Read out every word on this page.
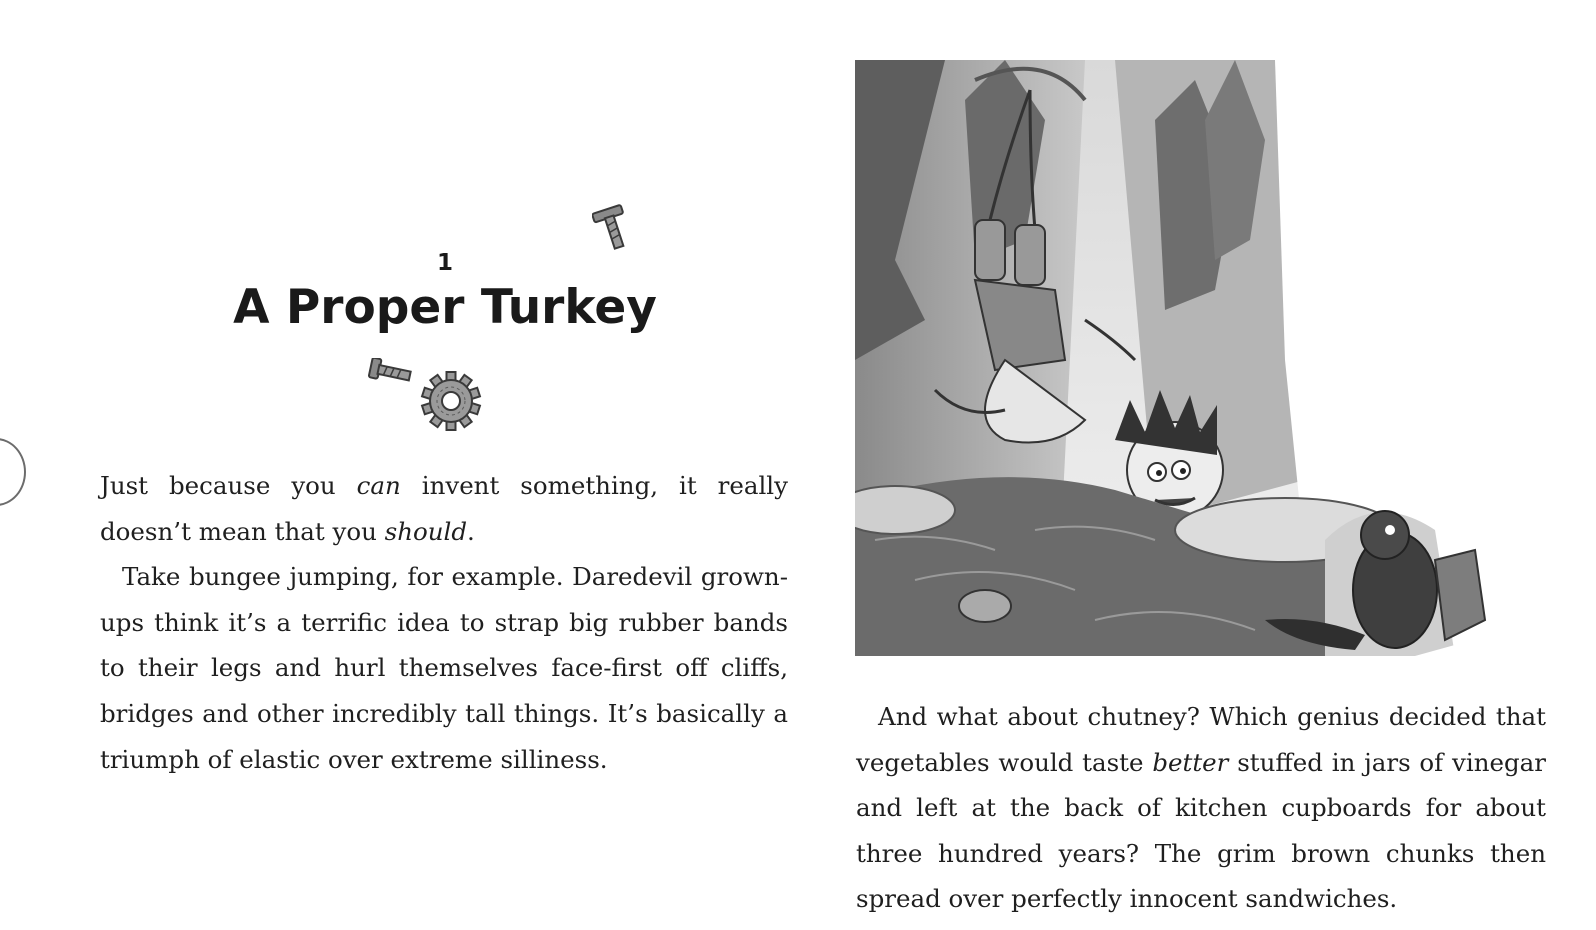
1
A Proper Turkey

Just because you can invent something, it really doesn’t mean that you should.

Take bungee jumping, for example. Daredevil grown-ups think it’s a terrific idea to strap big rubber bands to their legs and hurl themselves face-first off cliffs, bridges and other incredibly tall things. It’s basically a triumph of elastic over extreme silliness.

And what about chutney? Which genius decided that vegetables would taste better stuffed in jars of vinegar and left at the back of kitchen cupboards for about three hundred years? The grim brown chunks then spread over perfectly innocent sandwiches.
